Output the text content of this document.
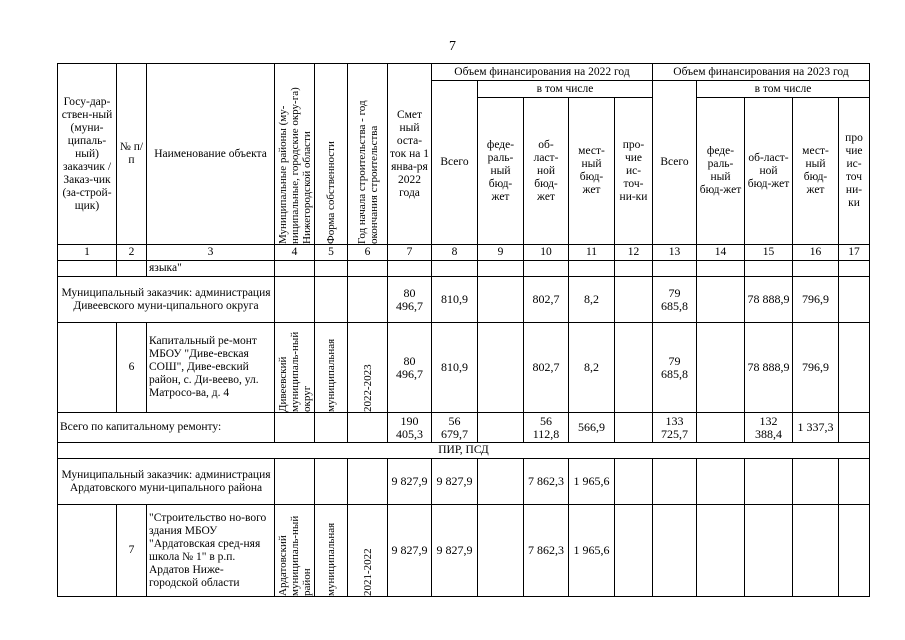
7
Госу-дар-ствен-ный (муни-ципаль-ный) заказчик / Заказ-чик (за-строй-щик)	№ п/п	Наименование объекта	Муниципальные районы (му-ниципальные, городские окру-га) Нижегородской области	Форма собственности	Год начала строительства - год окончания строительства	Смет ный оста-ток на 1 янва-ря 2022 года	Объем финансирования на 2022 год					Объем финансирования на 2023 год				
							Всего	в том числе				Всего	в том числе			
								феде-раль-ный бюд-жет	об-ласт-ной бюд-жет	мест-ный бюд-жет	про-чие ис-точ-ни-ки		феде-раль-ный бюд-жет	об-ласт-ной бюд-жет	мест-ный бюд-жет	про чие ис-точ ни-ки
1	2	3	4	5	6	7	8	9	10	11	12	13	14	15	16	17
		языка"														
Муниципальный заказчик: администрация Дивеевского муни-ципального округа						80 496,7	810,9		802,7	8,2		79 685,8		78 888,9	796,9	
	6	Капитальный ре-монт МБОУ "Диве-евская СОШ", Диве-евский район, с. Ди-веево, ул. Матросо-ва, д. 4	Дивеевский муниципаль-ный округ	муниципальная	2022-2023	80 496,7	810,9		802,7	8,2		79 685,8		78 888,9	796,9	
Всего по капитальному ремонту:						190 405,3	56 679,7		56 112,8	566,9		133 725,7		132 388,4	1 337,3	
ПИР, ПСД																
Муниципальный заказчик: администрация Ардатовского муни-ципального района						9 827,9	9 827,9		7 862,3	1 965,6						
	7	"Строительство но-вого здания МБОУ "Ардатовская сред-няя школа № 1" в р.п. Ардатов Ниже-городской области	Ардатовский муниципаль-ный район	муниципальная	2021-2022	9 827,9	9 827,9		7 862,3	1 965,6						
